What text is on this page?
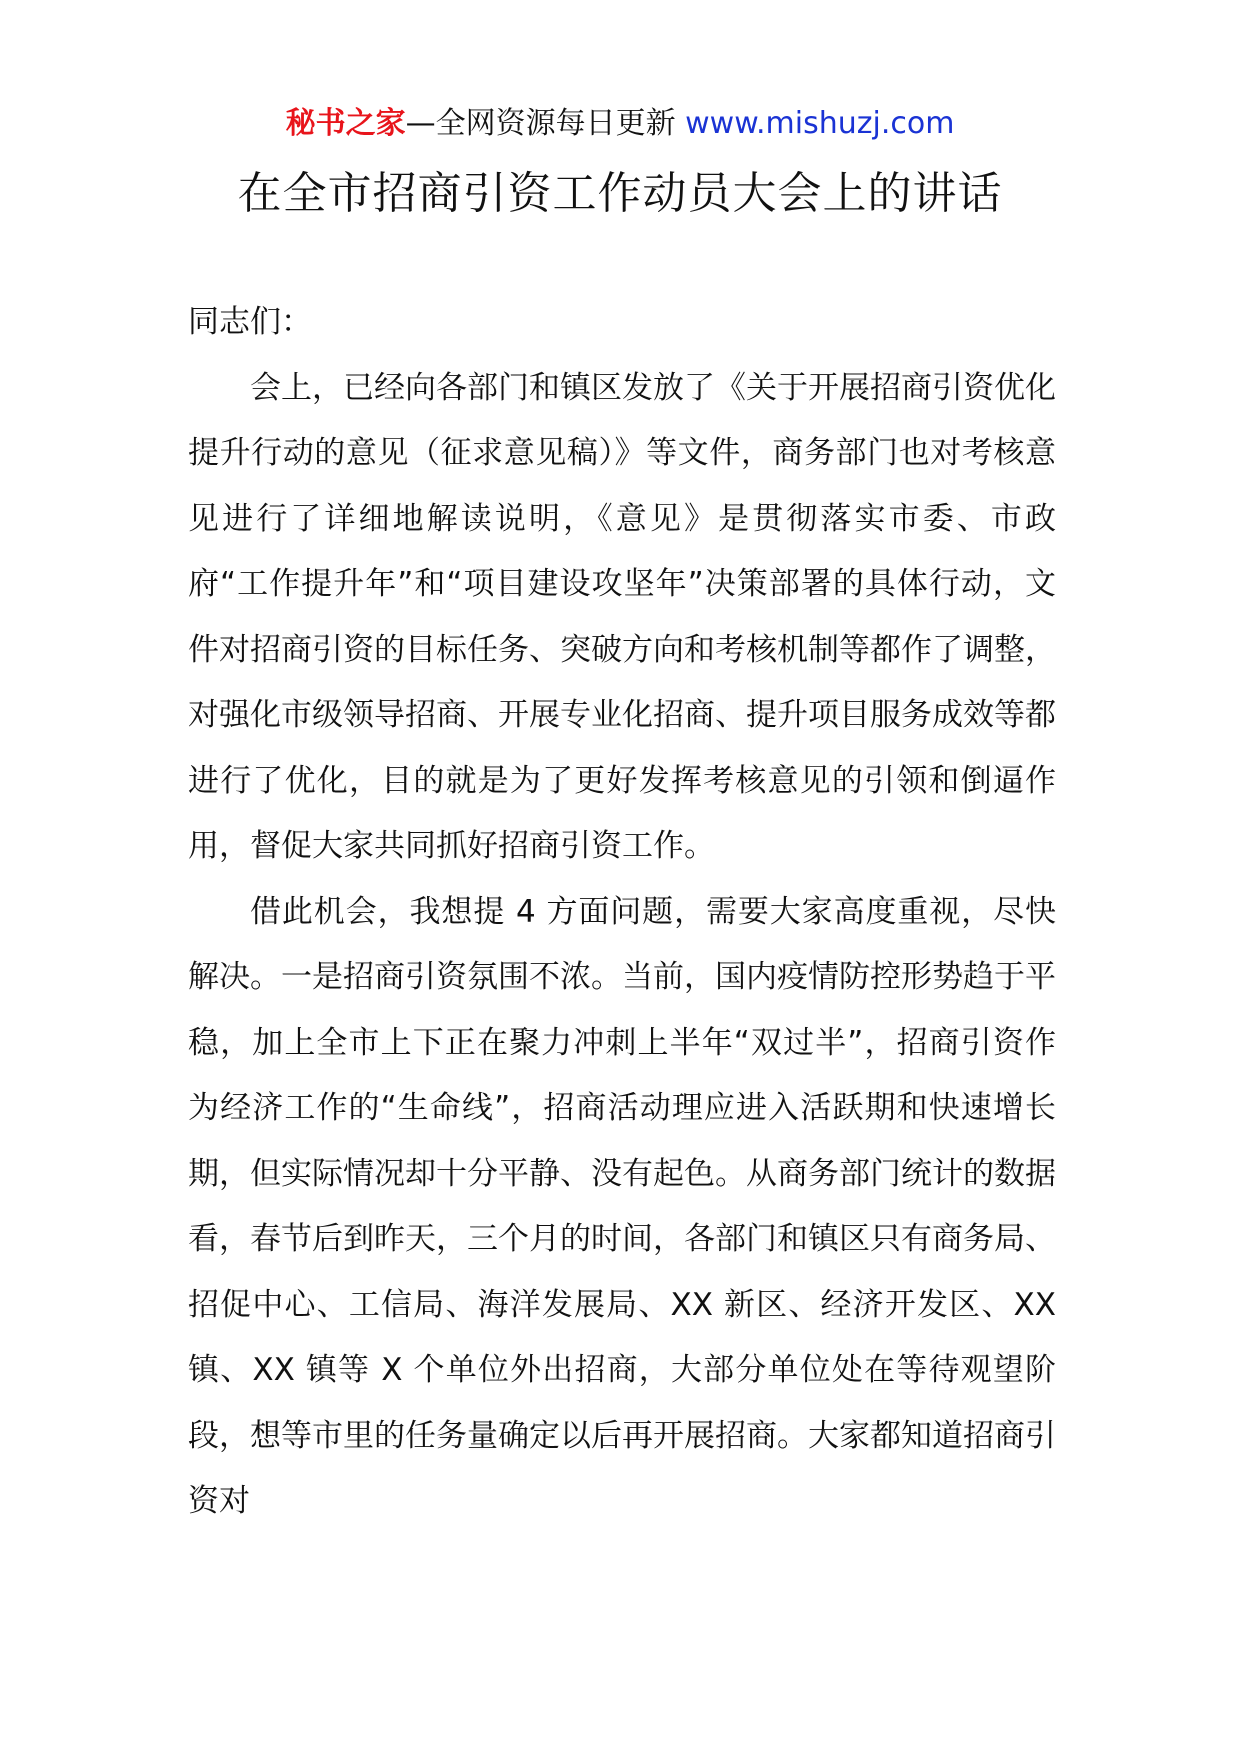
秘书之家—全网资源每日更新 www.mishuzj.com
在全市招商引资工作动员大会上的讲话

同志们：

会上，已经向各部门和镇区发放了《关于开展招商引资优化提升行动的意见（征求意见稿）》等文件，商务部门也对考核意见进行了详细地解读说明，《意见》是贯彻落实市委、市政府“工作提升年”和“项目建设攻坚年”决策部署的具体行动，文件对招商引资的目标任务、突破方向和考核机制等都作了调整，对强化市级领导招商、开展专业化招商、提升项目服务成效等都进行了优化，目的就是为了更好发挥考核意见的引领和倒逼作用，督促大家共同抓好招商引资工作。

借此机会，我想提 4 方面问题，需要大家高度重视，尽快解决。一是招商引资氛围不浓。当前，国内疫情防控形势趋于平稳，加上全市上下正在聚力冲刺上半年“双过半”，招商引资作为经济工作的“生命线”，招商活动理应进入活跃期和快速增长期，但实际情况却十分平静、没有起色。从商务部门统计的数据看，春节后到昨天，三个月的时间，各部门和镇区只有商务局、招促中心、工信局、海洋发展局、XX 新区、经济开发区、XX 镇、XX 镇等 X 个单位外出招商，大部分单位处在等待观望阶段，想等市里的任务量确定以后再开展招商。大家都知道招商引资对
